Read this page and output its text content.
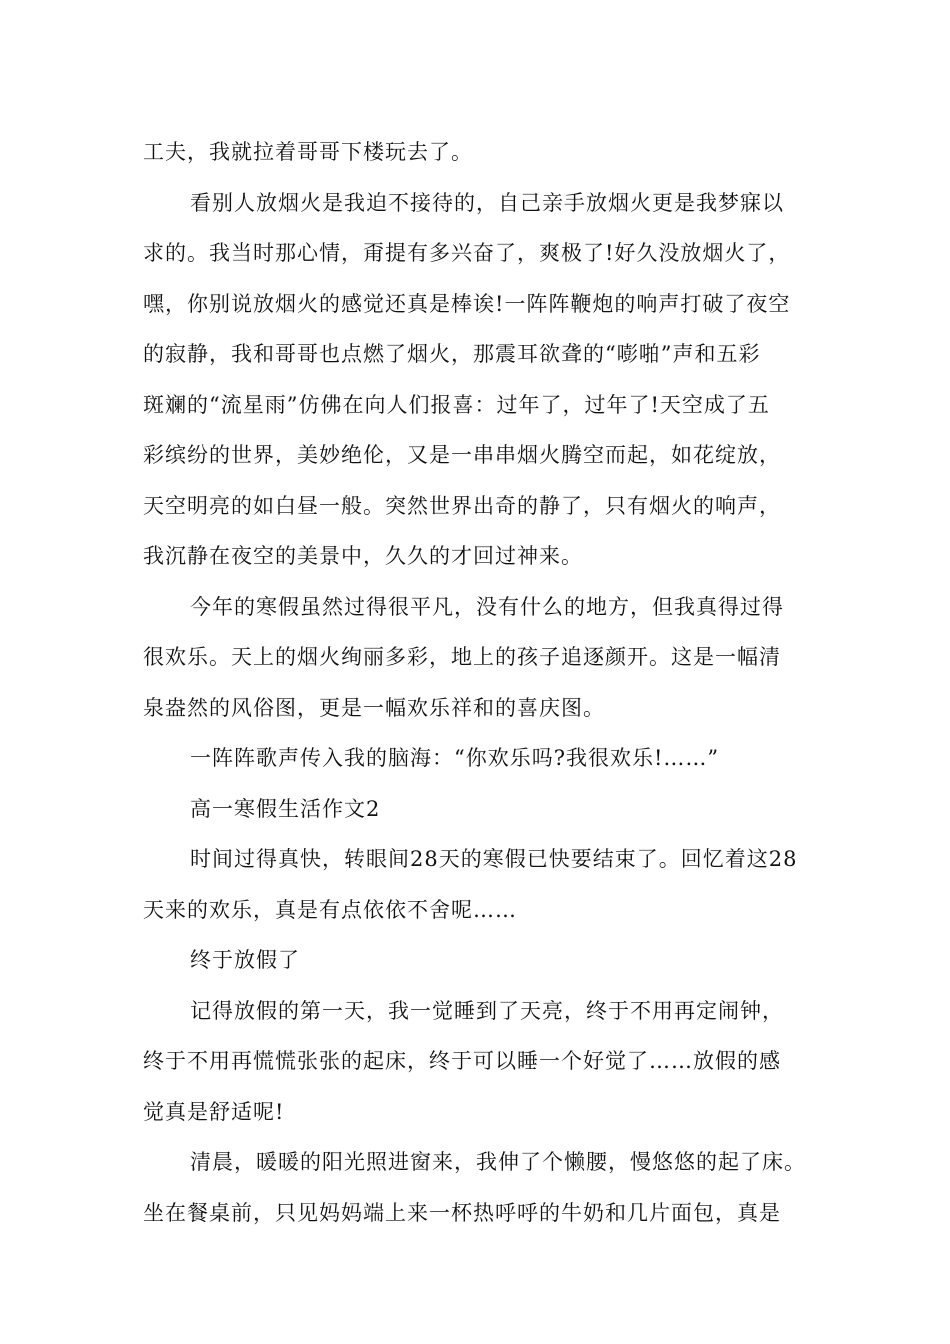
工夫，我就拉着哥哥下楼玩去了。
看别人放烟火是我迫不接待的，自己亲手放烟火更是我梦寐以
求的。我当时那心情，甭提有多兴奋了，爽极了!好久没放烟火了，
嘿，你别说放烟火的感觉还真是棒诶!一阵阵鞭炮的响声打破了夜空
的寂静，我和哥哥也点燃了烟火，那震耳欲聋的“嘭啪”声和五彩
斑斓的“流星雨”仿佛在向人们报喜：过年了，过年了!天空成了五
彩缤纷的世界，美妙绝伦，又是一串串烟火腾空而起，如花绽放，
天空明亮的如白昼一般。突然世界出奇的静了，只有烟火的响声，
我沉静在夜空的美景中，久久的才回过神来。
今年的寒假虽然过得很平凡，没有什么的地方，但我真得过得
很欢乐。天上的烟火绚丽多彩，地上的孩子追逐颜开。这是一幅清
泉盎然的风俗图，更是一幅欢乐祥和的喜庆图。
一阵阵歌声传入我的脑海：“你欢乐吗?我很欢乐!……”
高一寒假生活作文2
时间过得真快，转眼间28天的寒假已快要结束了。回忆着这28
天来的欢乐，真是有点依依不舍呢……
终于放假了
记得放假的第一天，我一觉睡到了天亮，终于不用再定闹钟，
终于不用再慌慌张张的起床，终于可以睡一个好觉了……放假的感
觉真是舒适呢!
清晨，暖暖的阳光照进窗来，我伸了个懒腰，慢悠悠的起了床。
坐在餐桌前，只见妈妈端上来一杯热呼呼的牛奶和几片面包，真是
